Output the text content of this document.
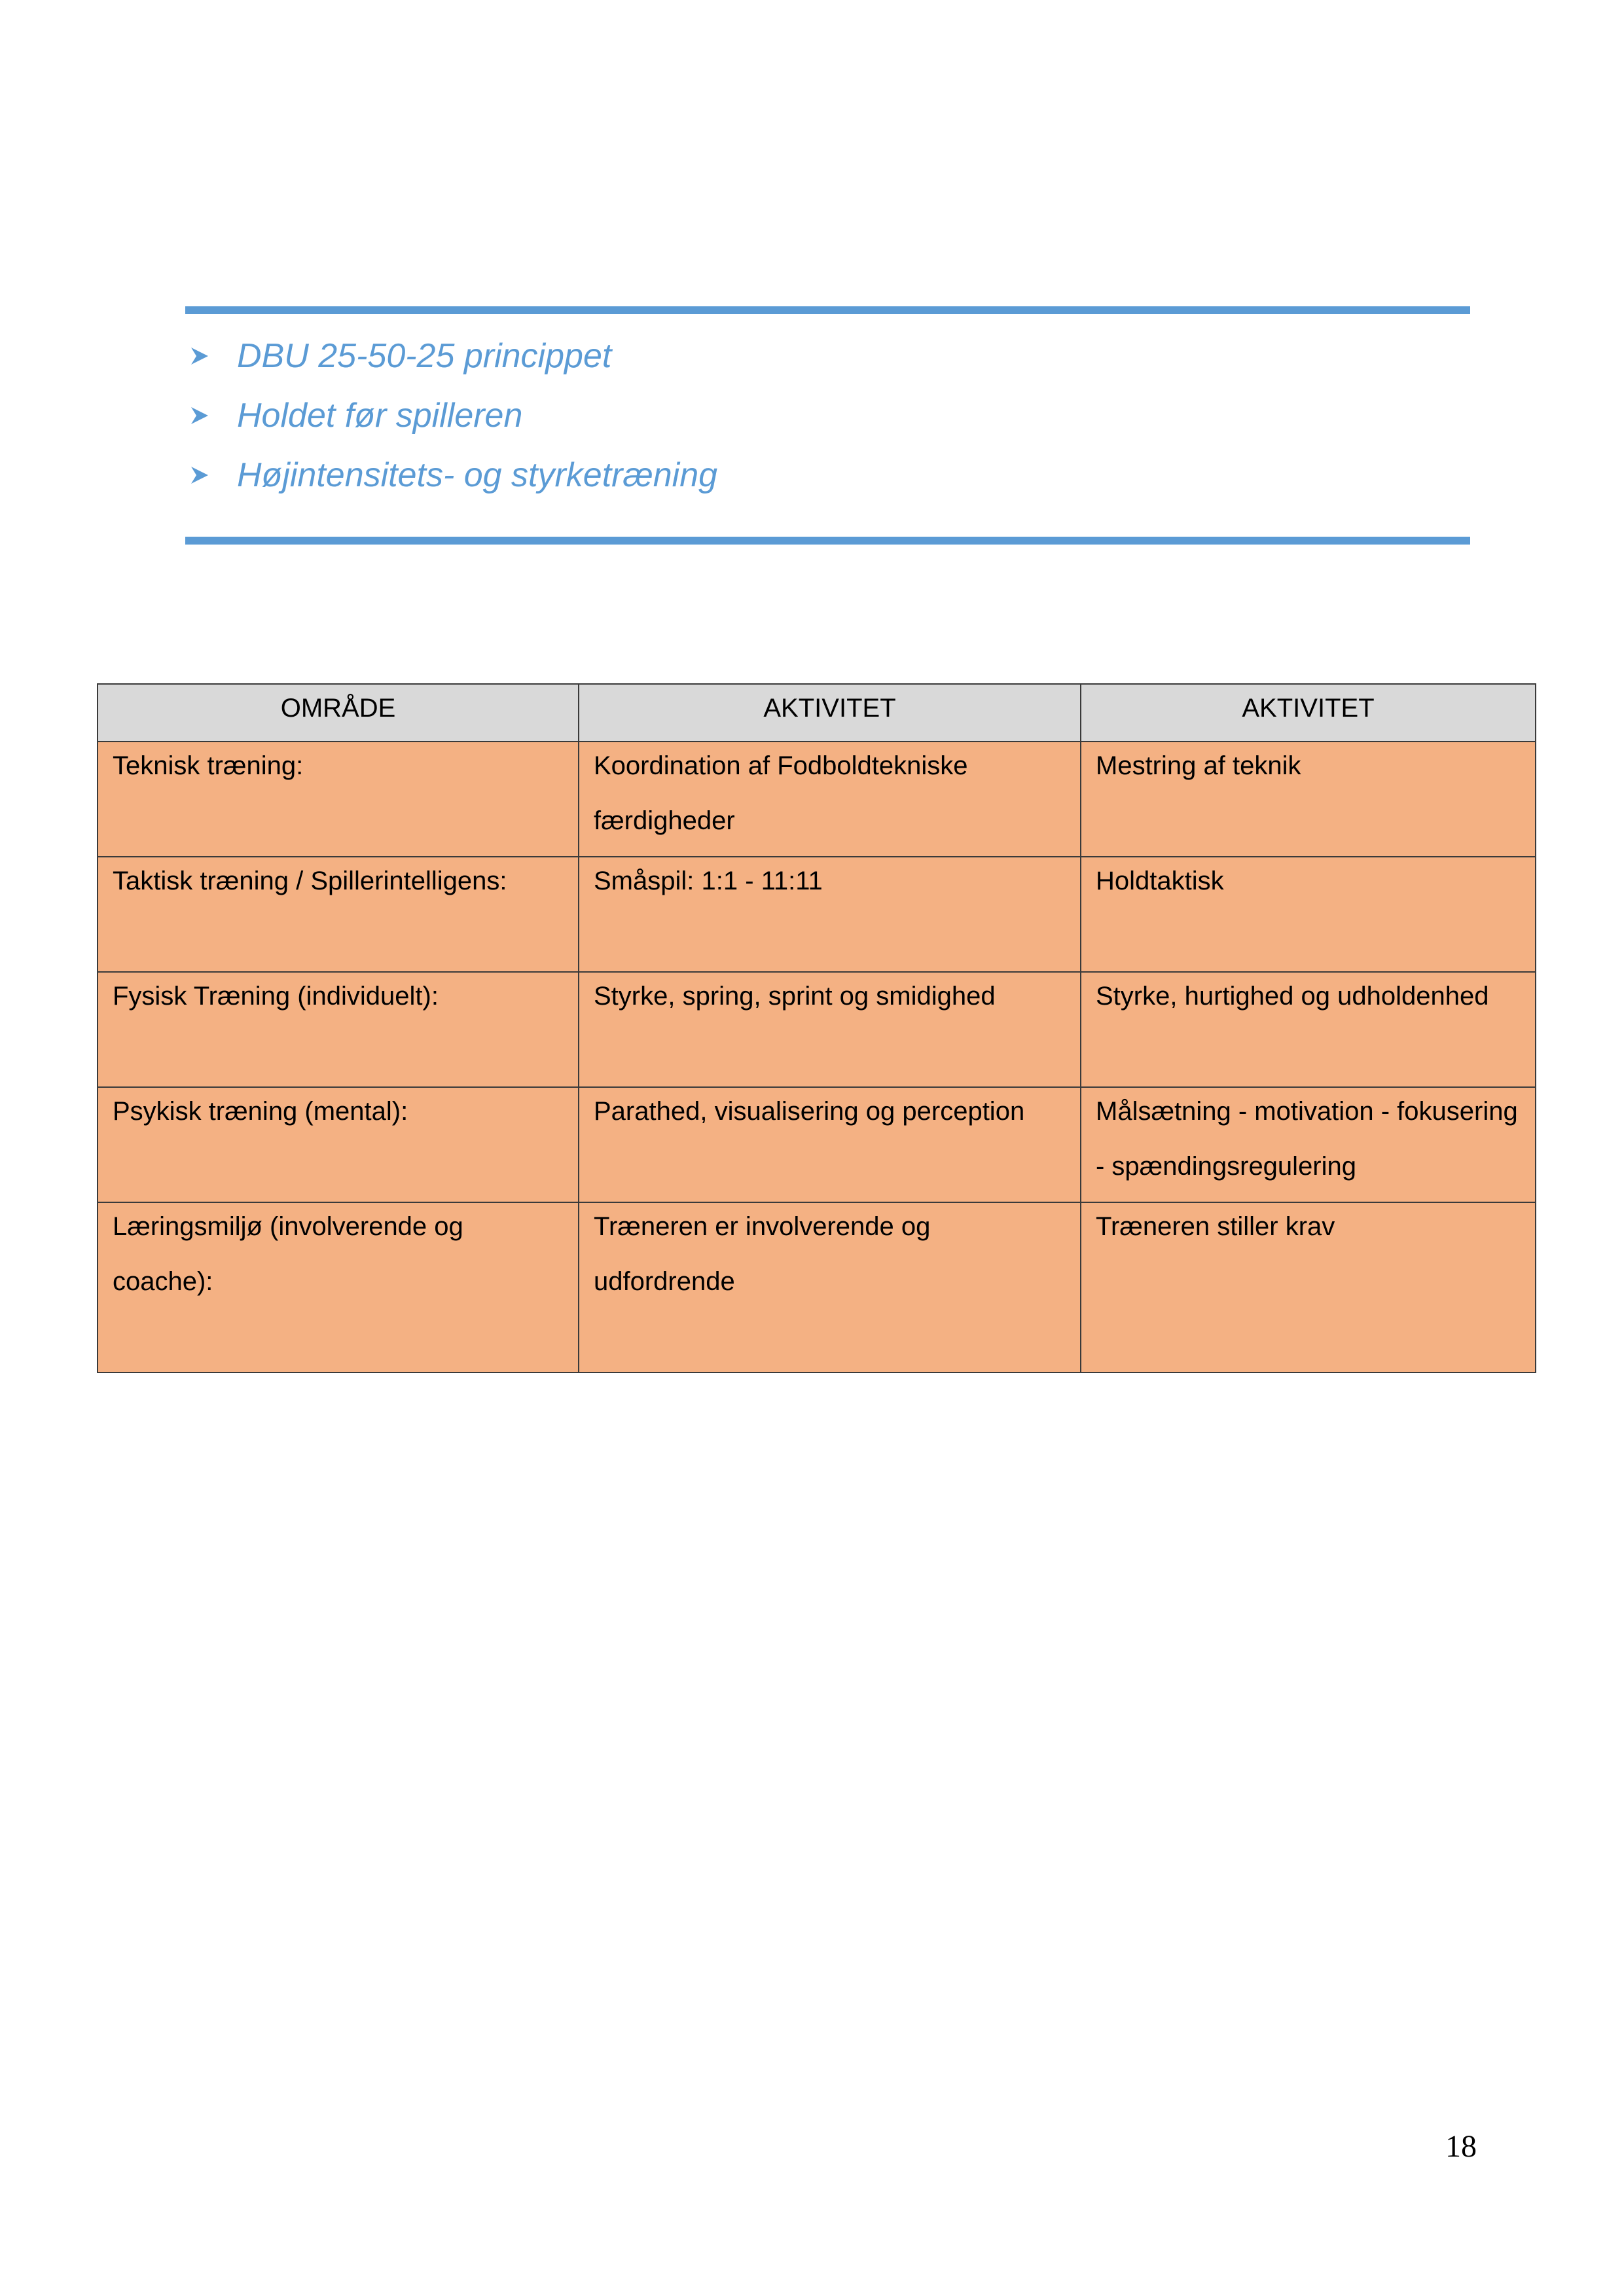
DBU 25-50-25 princippet
Holdet før spilleren
Højintensitets- og styrketræning
OMRÅDE	AKTIVITET	AKTIVITET

Teknisk træning:	Koordination af Fodboldtekniske færdigheder	Mestring af teknik

Taktisk træning / Spillerintelligens:	Småspil: 1:1 - 11:11	Holdtaktisk

Fysisk Træning (individuelt):	Styrke, spring, sprint og smidighed	Styrke, hurtighed og udholdenhed

Psykisk træning (mental):	Parathed, visualisering og perception	Målsætning - motivation - fokusering - spændingsregulering

Læringsmiljø (involverende og coache):	Træneren er involverende og udfordrende	Træneren stiller krav
18
